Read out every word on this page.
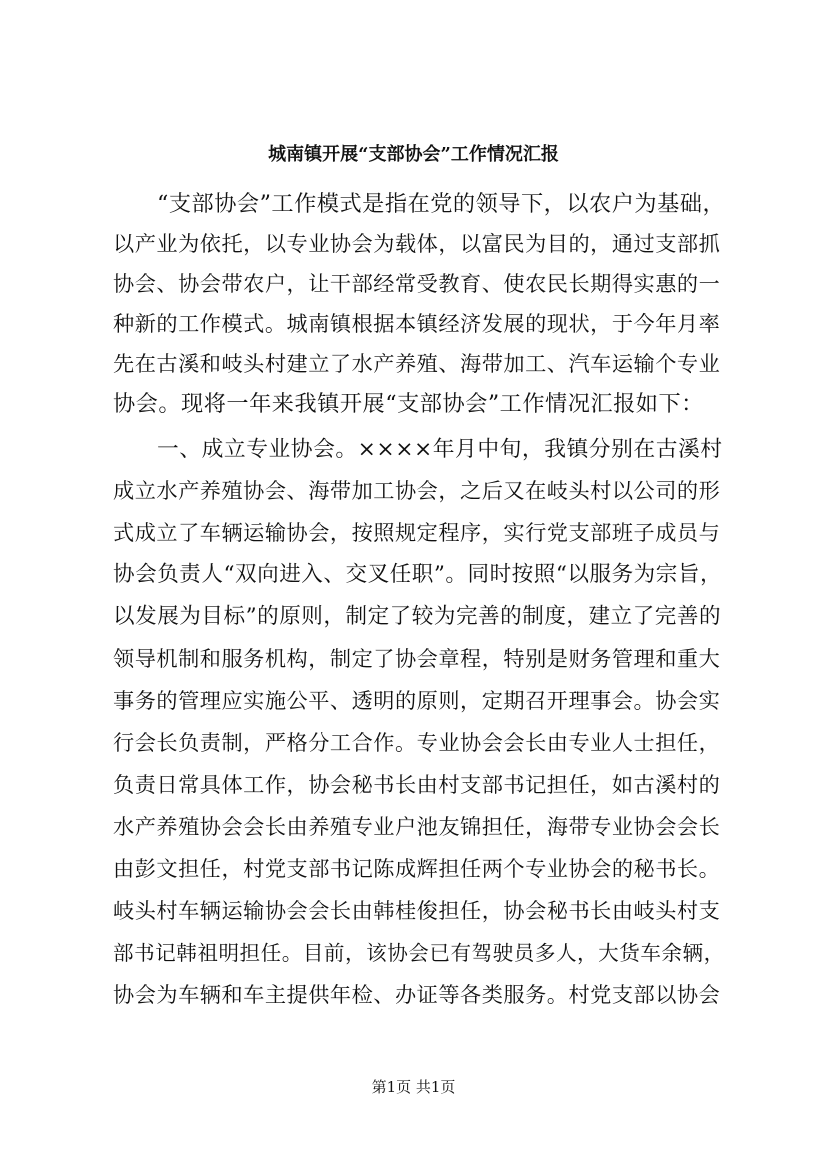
城南镇开展“支部协会”工作情况汇报
“支部协会”工作模式是指在党的领导下，以农户为基础，
以产业为依托，以专业协会为载体，以富民为目的，通过支部抓
协会、协会带农户，让干部经常受教育、使农民长期得实惠的一
种新的工作模式。城南镇根据本镇经济发展的现状，于今年月率
先在古溪和岐头村建立了水产养殖、海带加工、汽车运输个专业
协会。现将一年来我镇开展“支部协会”工作情况汇报如下：
一、成立专业协会。××××年月中旬，我镇分别在古溪村
成立水产养殖协会、海带加工协会，之后又在岐头村以公司的形
式成立了车辆运输协会，按照规定程序，实行党支部班子成员与
协会负责人“双向进入、交叉任职”。同时按照“以服务为宗旨，
以发展为目标”的原则，制定了较为完善的制度，建立了完善的
领导机制和服务机构，制定了协会章程，特别是财务管理和重大
事务的管理应实施公平、透明的原则，定期召开理事会。协会实
行会长负责制，严格分工合作。专业协会会长由专业人士担任，
负责日常具体工作，协会秘书长由村支部书记担任，如古溪村的
水产养殖协会会长由养殖专业户池友锦担任，海带专业协会会长
由彭文担任，村党支部书记陈成辉担任两个专业协会的秘书长。
岐头村车辆运输协会会长由韩桂俊担任，协会秘书长由岐头村支
部书记韩祖明担任。目前，该协会已有驾驶员多人，大货车余辆，
协会为车辆和车主提供年检、办证等各类服务。村党支部以协会
第1页 共1页
